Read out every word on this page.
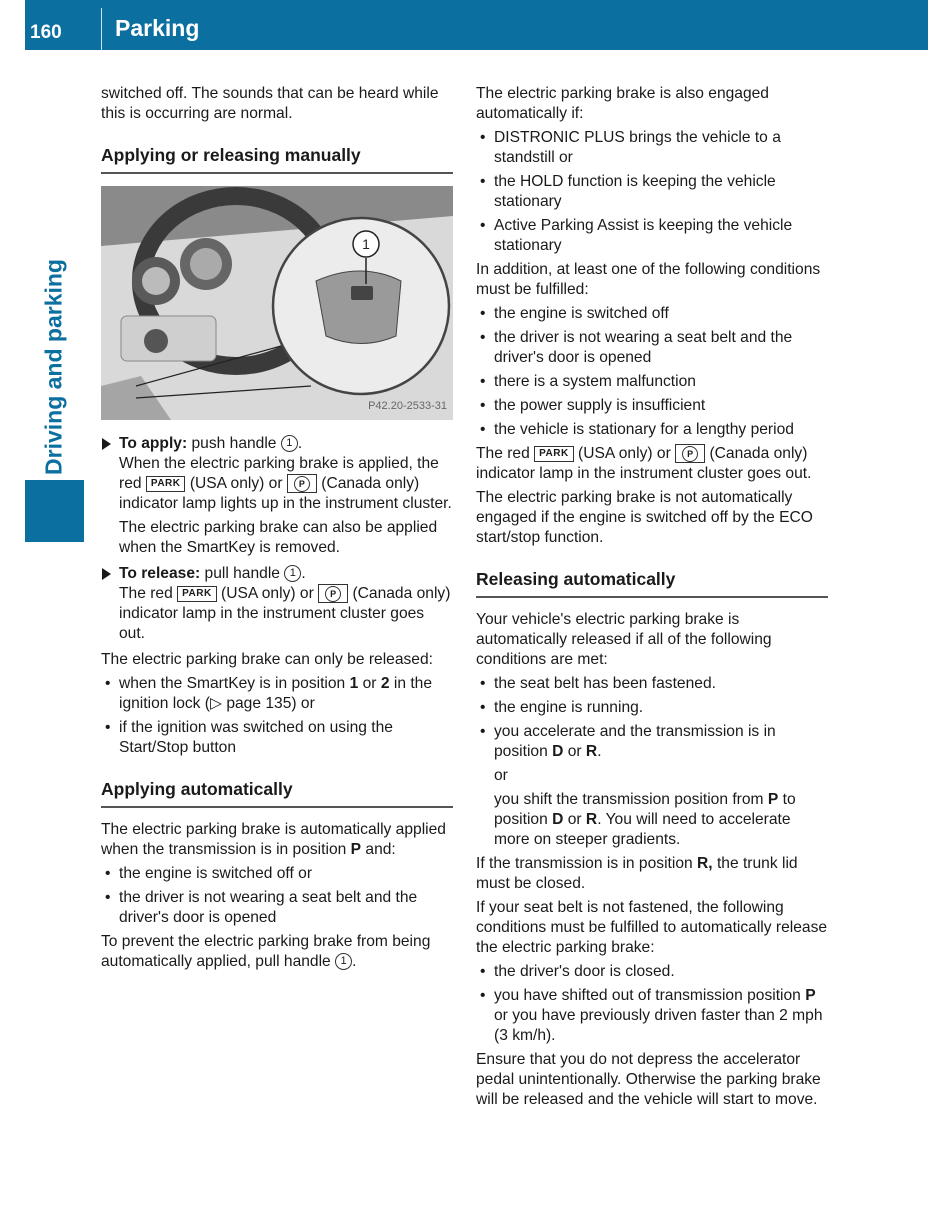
160 Parking
Driving and parking

switched off. The sounds that can be heard while this is occurring are normal.

Applying or releasing manually
1
P42.20-2533-31

To apply: push handle 1 .
When the electric parking brake is applied, the red PARK (USA only) or P (Canada only) indicator lamp lights up in the instrument cluster.

The electric parking brake can also be applied when the SmartKey is removed.

To release: pull handle 1 .
The red PARK (USA only) or P (Canada only) indicator lamp in the instrument cluster goes out.

The electric parking brake can only be released:

• when the SmartKey is in position 1 or 2 in the ignition lock (▷ page 135) or
• if the ignition was switched on using the Start/Stop button
Applying automatically

The electric parking brake is automatically applied when the transmission is in position P and:

• the engine is switched off or
• the driver is not wearing a seat belt and the driver's door is opened

To prevent the electric parking brake from being automatically applied, pull handle 1 .

The electric parking brake is also engaged automatically if:

• DISTRONIC PLUS brings the vehicle to a standstill or
• the HOLD function is keeping the vehicle stationary
• Active Parking Assist is keeping the vehicle stationary

In addition, at least one of the following conditions must be fulfilled:

• the engine is switched off
• the driver is not wearing a seat belt and the driver's door is opened
• there is a system malfunction
• the power supply is insufficient
• the vehicle is stationary for a lengthy period

The red PARK (USA only) or P (Canada only) indicator lamp in the instrument cluster goes out.

The electric parking brake is not automatically engaged if the engine is switched off by the ECO start/stop function.

Releasing automatically

Your vehicle's electric parking brake is automatically released if all of the following conditions are met:

• the seat belt has been fastened.
• the engine is running.
• you accelerate and the transmission is in position D or R.

or

you shift the transmission position from P to position D or R. You will need to accelerate more on steeper gradients.

If the transmission is in position R, the trunk lid must be closed.

If your seat belt is not fastened, the following conditions must be fulfilled to automatically release the electric parking brake:

• the driver's door is closed.
• you have shifted out of transmission position P or you have previously driven faster than 2 mph (3 km/h).

Ensure that you do not depress the accelerator pedal unintentionally. Otherwise the parking brake will be released and the vehicle will start to move.
